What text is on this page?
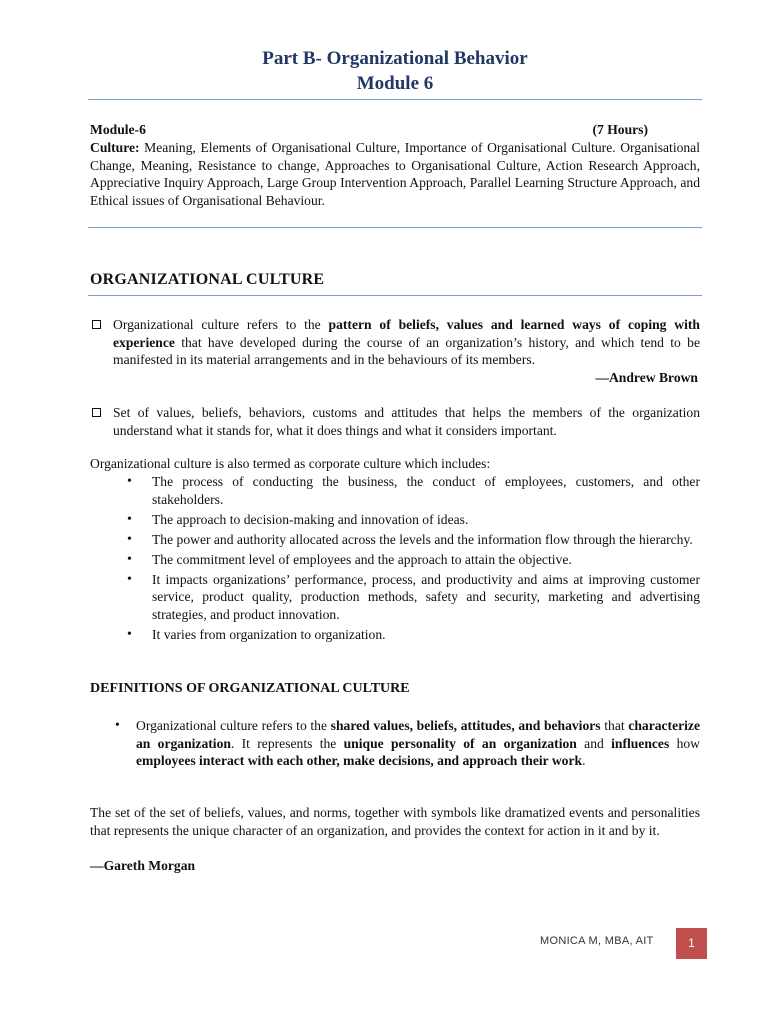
Part B- Organizational Behavior
Module 6
Module-6	(7 Hours)

Culture: Meaning, Elements of Organisational Culture, Importance of Organisational Culture. Organisational Change, Meaning, Resistance to change, Approaches to Organisational Culture, Action Research Approach, Appreciative Inquiry Approach, Large Group Intervention Approach, Parallel Learning Structure Approach, and Ethical issues of Organisational Behaviour.

ORGANIZATIONAL CULTURE

Organizational culture refers to the pattern of beliefs, values and learned ways of coping with experience that have developed during the course of an organization’s history, and which tend to be manifested in its material arrangements and in the behaviours of its members.

—Andrew Brown

Set of values, beliefs, behaviors, customs and attitudes that helps the members of the organization understand what it stands for, what it does things and what it considers important.

Organizational culture is also termed as corporate culture which includes:

• The process of conducting the business, the conduct of employees, customers, and other stakeholders.
• The approach to decision-making and innovation of ideas.
• The power and authority allocated across the levels and the information flow through the hierarchy.
• The commitment level of employees and the approach to attain the objective.
• It impacts organizations’ performance, process, and productivity and aims at improving customer service, product quality, production methods, safety and security, marketing and advertising strategies, and product innovation.
• It varies from organization to organization.
DEFINITIONS OF ORGANIZATIONAL CULTURE
• Organizational culture refers to the shared values, beliefs, attitudes, and behaviors that characterize an organization. It represents the unique personality of an organization and influences how employees interact with each other, make decisions, and approach their work.

The set of the set of beliefs, values, and norms, together with symbols like dramatized events and personalities that represents the unique character of an organization, and provides the context for action in it and by it.

—Gareth Morgan
MONICA M, MBA, AIT	1
